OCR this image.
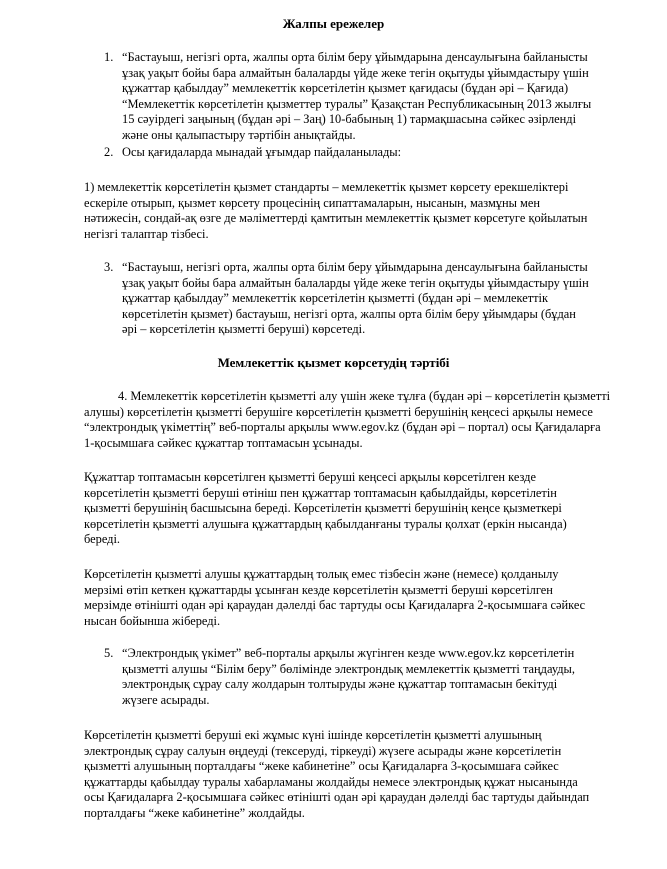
Жалпы ережелер
1. “Бастауыш, негізгі орта, жалпы орта білім беру ұйымдарына денсаулығына байланысты ұзақ уақыт бойы бара алмайтын балаларды үйде жеке тегін оқытуды ұйымдастыру үшін құжаттар қабылдау” мемлекеттік көрсетілетін қызмет қағидасы (бұдан әрі – Қағида) “Мемлекеттік көрсетілетін қызметтер туралы” Қазақстан Республикасының 2013 жылғы 15 сәуірдегі заңының (бұдан әрі – Заң) 10-бабының 1) тармақшасына сәйкес әзірленді және оны қалыпастыру тәртібін анықтайды.

2. Осы қағидаларда мынадай ұғымдар пайдаланылады:

1) мемлекеттік көрсетілетін қызмет стандарты – мемлекеттік қызмет көрсету ерекшеліктері ескеріле отырып, қызмет көрсету процесінің сипаттамаларын, нысанын, мазмұны мен нәтижесін, сондай-ақ өзге де мәліметтерді қамтитын мемлекеттік қызмет көрсетуге қойылатын негізгі талаптар тізбесі.

3. “Бастауыш, негізгі орта, жалпы орта білім беру ұйымдарына денсаулығына байланысты ұзақ уақыт бойы бара алмайтын балаларды үйде жеке тегін оқытуды ұйымдастыру үшін құжаттар қабылдау” мемлекеттік көрсетілетін қызметті (бұдан әрі – мемлекеттік көрсетілетін қызмет) бастауыш, негізгі орта, жалпы орта білім беру ұйымдары (бұдан әрі – көрсетілетін қызметті беруші) көрсетеді.

Мемлекеттік қызмет көрсетудің тәртібі

4. Мемлекеттік көрсетілетін қызметті алу үшін жеке тұлға (бұдан әрі – көрсетілетін қызметті алушы) көрсетілетін қызметті берушіге көрсетілетін қызметті берушінің кеңсесі арқылы немесе “электрондық үкіметтің” веб-порталы арқылы www.egov.kz (бұдан әрі – портал) осы Қағидаларға 1-қосымшаға сәйкес құжаттар топтамасын ұсынады.

Құжаттар топтамасын көрсетілген қызметті беруші кеңсесі арқылы көрсетілген кезде көрсетілетін қызметті беруші өтініш пен құжаттар топтамасын қабылдайды, көрсетілетін қызметті берушінің басшысына береді. Көрсетілетін қызметті берушінің кеңсе қызметкері көрсетілетін қызметті алушыға құжаттардың қабылданғаны туралы қолхат (еркін нысанда) береді.

Көрсетілетін қызметті алушы құжаттардың толық емес тізбесін және (немесе) қолданылу мерзімі өтіп кеткен құжаттарды ұсынған кезде көрсетілетін қызметті беруші көрсетілген мерзімде өтінішті одан әрі қараудан дәлелді бас тартуды осы Қағидаларға 2-қосымшаға сәйкес нысан бойынша жібереді.

5. “Электрондық үкімет” веб-порталы арқылы жүгінген кезде www.egov.kz көрсетілетін қызметті алушы “Білім беру” бөлімінде электрондық мемлекеттік қызметті таңдауды, электрондық сұрау салу жолдарын толтыруды және құжаттар топтамасын бекітуді жүзеге асырады.

Көрсетілетін қызметті беруші екі жұмыс күні ішінде көрсетілетін қызметті алушының электрондық сұрау салуын өңдеуді (тексеруді, тіркеуді) жүзеге асырады және көрсетілетін қызметті алушының порталдағы “жеке кабинетіне” осы Қағидаларға 3-қосымшаға сәйкес құжаттарды қабылдау туралы хабарламаны жолдайды немесе электрондық құжат нысанында осы Қағидаларға 2-қосымшаға сәйкес өтінішті одан әрі қараудан дәлелді бас тартуды дайындап порталдағы “жеке кабинетіне” жолдайды.
